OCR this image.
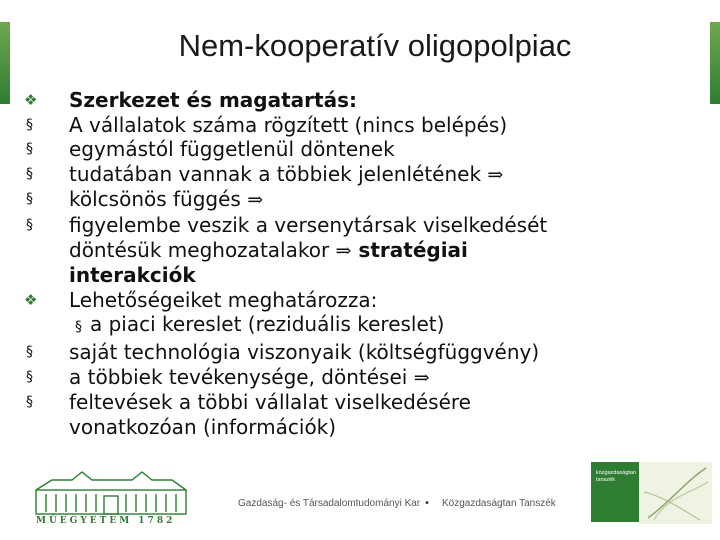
Nem-kooperatív oligopolpiac
❖ Szerkezet és magatartás:
§ A vállalatok száma rögzített (nincs belépés)
§ egymástól függetlenül döntenek
§ tudatában vannak a többiek jelenlétének ⇒
§ kölcsönös függés ⇒
§ figyelembe veszik a versenytársak viselkedését
döntésük meghozatalakor ⇒ stratégiai
interakciók
❖ Lehetőségeiket meghatározza:
§ a piaci kereslet (reziduális kereslet)
§ saját technológia viszonyaik (költségfüggvény)
§ a többiek tevékenysége, döntései ⇒
§ feltevések a többi vállalat viselkedésére
vonatkozóan (információk)
MŰEGYETEM 1782
Gazdaság- és Társadalomtudományi Kar • Közgazdaságtan Tanszék
közgazdaságtan tanszék
